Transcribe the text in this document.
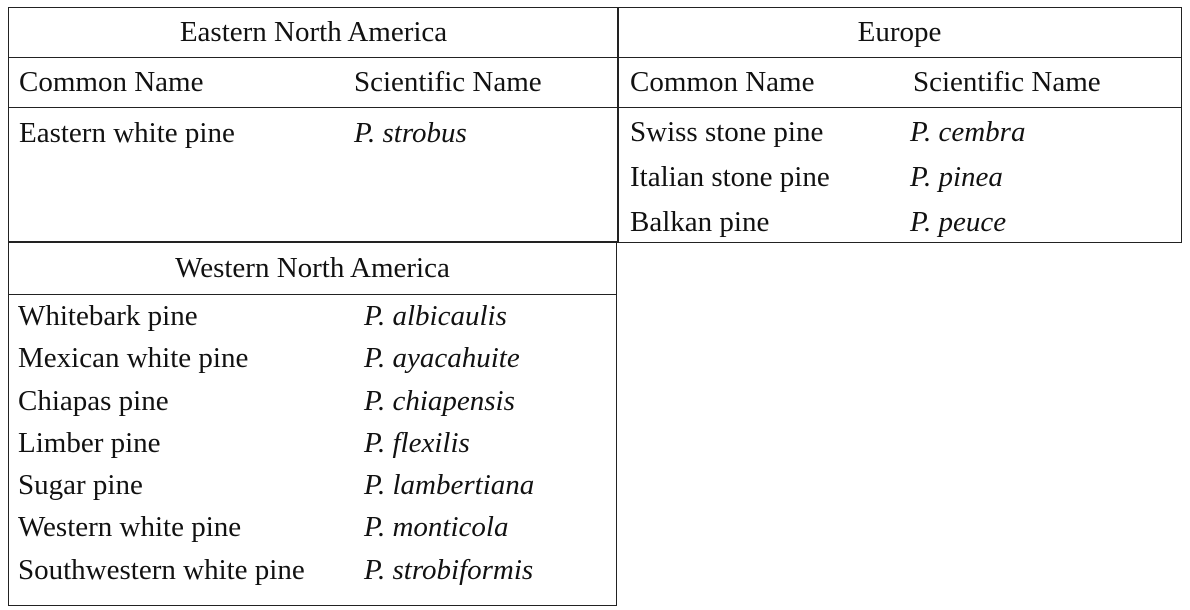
Eastern North America
Common Name	Scientific Name
Eastern white pine	P. strobus
Europe
Common Name	Scientific Name
Swiss stone pine	P. cembra
Italian stone pine	P. pinea
Balkan pine	P. peuce
Western North America
Whitebark pine	P. albicaulis
Mexican white pine	P. ayacahuite
Chiapas pine	P. chiapensis
Limber pine	P. flexilis
Sugar pine	P. lambertiana
Western white pine	P. monticola
Southwestern white pine P. strobiformis
